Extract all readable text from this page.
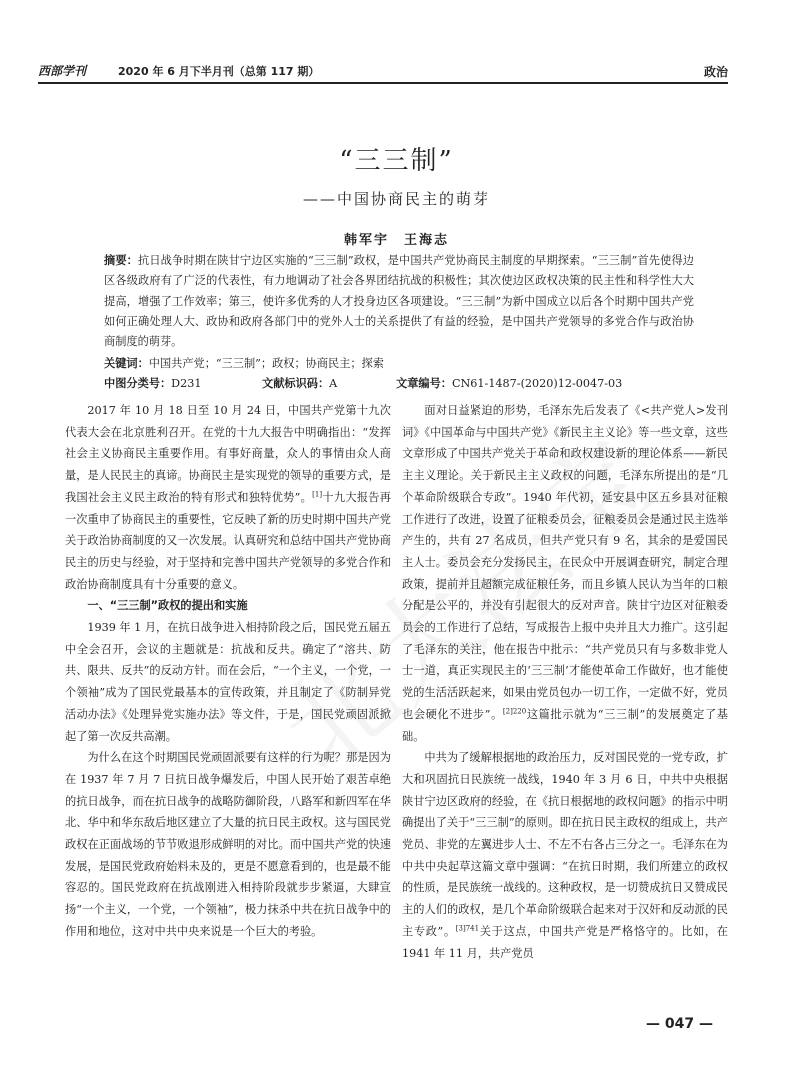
西部学刊	2020 年 6 月下半月刊（总第 117 期）	政治
“三三制”
——中国协商民主的萌芽
韩军宇　王海志
摘要：抗日战争时期在陕甘宁边区实施的“三三制”政权，是中国共产党协商民主制度的早期探索。“三三制”首先使得边区各级政府有了广泛的代表性，有力地调动了社会各界团结抗战的积极性；其次使边区政权决策的民主性和科学性大大提高，增强了工作效率；第三，使许多优秀的人才投身边区各项建设。“三三制”为新中国成立以后各个时期中国共产党如何正确处理人大、政协和政府各部门中的党外人士的关系提供了有益的经验，是中国共产党领导的多党合作与政治协商制度的萌芽。
关键词：中国共产党；“三三制”；政权；协商民主；探索
中图分类号：D231	文献标识码：A	文章编号：CN61-1487-(2020)12-0047-03

2017 年 10 月 18 日至 10 月 24 日，中国共产党第十九次代表大会在北京胜利召开。在党的十九大报告中明确指出：“发挥社会主义协商民主重要作用。有事好商量，众人的事情由众人商量，是人民民主的真谛。协商民主是实现党的领导的重要方式，是我国社会主义民主政治的特有形式和独特优势”。[1]十九大报告再一次重申了协商民主的重要性，它反映了新的历史时期中国共产党关于政治协商制度的又一次发展。认真研究和总结中国共产党协商民主的历史与经验，对于坚持和完善中国共产党领导的多党合作和政治协商制度具有十分重要的意义。

一、“三三制”政权的提出和实施

1939 年 1 月，在抗日战争进入相持阶段之后，国民党五届五中全会召开，会议的主题就是：抗战和反共。确定了“溶共、防共、限共、反共”的反动方针。而在会后，“一个主义，一个党，一个领袖”成为了国民党最基本的宣传政策，并且制定了《防制异党活动办法》《处理异党实施办法》等文件，于是，国民党顽固派掀起了第一次反共高潮。

为什么在这个时期国民党顽固派要有这样的行为呢？那是因为在 1937 年 7 月 7 日抗日战争爆发后，中国人民开始了艰苦卓绝的抗日战争，而在抗日战争的战略防御阶段，八路军和新四军在华北、华中和华东敌后地区建立了大量的抗日民主政权。这与国民党政权在正面战场的节节败退形成鲜明的对比。而中国共产党的快速发展，是国民党政府始料未及的，更是不愿意看到的，也是最不能容忍的。国民党政府在抗战刚进入相持阶段就步步紧逼，大肆宣扬“一个主义，一个党，一个领袖”，极力抹杀中共在抗日战争中的作用和地位，这对中共中央来说是一个巨大的考验。

面对日益紧迫的形势，毛泽东先后发表了《<共产党人>发刊词》《中国革命与中国共产党》《新民主主义论》等一些文章，这些文章形成了中国共产党关于革命和政权建设新的理论体系——新民主主义理论。关于新民主主义政权的问题，毛泽东所提出的是“几个革命阶级联合专政”。1940 年代初，延安县中区五乡县对征粮工作进行了改进，设置了征粮委员会，征粮委员会是通过民主选举产生的，共有 27 名成员，但共产党只有 9 名，其余的是爱国民主人士。委员会充分发扬民主，在民众中开展调查研究，制定合理政策，提前并且超额完成征粮任务，而且乡镇人民认为当年的口粮分配是公平的，并没有引起很大的反对声音。陕甘宁边区对征粮委员会的工作进行了总结，写成报告上报中央并且大力推广。这引起了毛泽东的关注，他在报告中批示：“共产党员只有与多数非党人士一道，真正实现民主的‘三三制’才能使革命工作做好，也才能使党的生活活跃起来，如果由党员包办一切工作，一定做不好，党员也会硬化不进步”。$^{[2]220}$这篇批示就为“三三制”的发展奠定了基础。

中共为了缓解根据地的政治压力，反对国民党的一党专政，扩大和巩固抗日民族统一战线，1940 年 3 月 6 日，中共中央根据陕甘宁边区政府的经验，在《抗日根据地的政权问题》的指示中明确提出了关于“三三制”的原则。即在抗日民主政权的组成上，共产党员、非党的左翼进步人士、不左不右各占三分之一。毛泽东在为中共中央起草这篇文章中强调：“在抗日时期，我们所建立的政权的性质，是民族统一战线的。这种政权，是一切赞成抗日又赞成民主的人们的政权，是几个革命阶级联合起来对于汉奸和反动派的民主专政”。$^{[3]741}$关于这点，中国共产党是严格恪守的。比如，在 1941 年 11 月，共产党员

— 047 —
